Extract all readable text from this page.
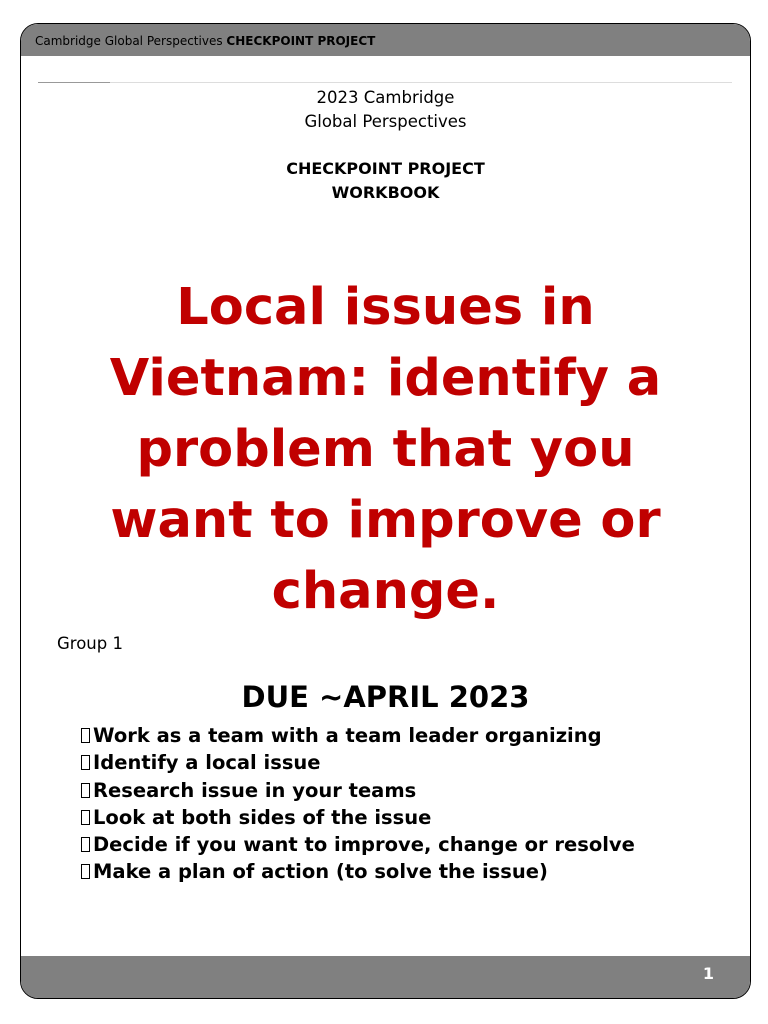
Cambridge Global Perspectives CHECKPOINT PROJECT
2023 Cambridge
Global Perspectives
CHECKPOINT PROJECT
WORKBOOK
Local issues in
Vietnam: identify a
problem that you
want to improve or
change.
Group 1
DUE ~APRIL 2023
Work as a team with a team leader organizing
Identify a local issue
Research issue in your teams
Look at both sides of the issue
Decide if you want to improve, change or resolve
Make a plan of action (to solve the issue)
1
